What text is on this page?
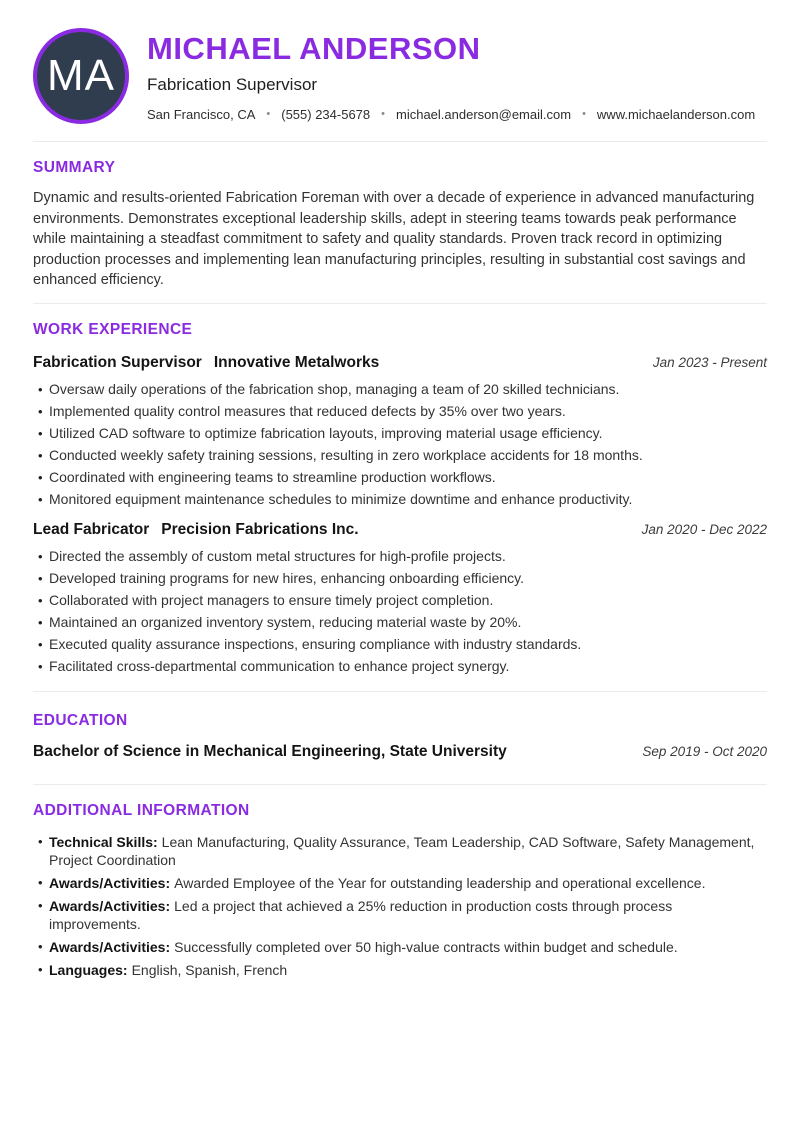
MA
MICHAEL ANDERSON
Fabrication Supervisor
San Francisco, CA • (555) 234-5678 • michael.anderson@email.com • www.michaelanderson.com
SUMMARY
Dynamic and results-oriented Fabrication Foreman with over a decade of experience in advanced manufacturing environments. Demonstrates exceptional leadership skills, adept in steering teams towards peak performance while maintaining a steadfast commitment to safety and quality standards. Proven track record in optimizing production processes and implementing lean manufacturing principles, resulting in substantial cost savings and enhanced efficiency.
WORK EXPERIENCE
Fabrication Supervisor Innovative Metalworks	Jan 2023 - Present
• Oversaw daily operations of the fabrication shop, managing a team of 20 skilled technicians.
• Implemented quality control measures that reduced defects by 35% over two years.
• Utilized CAD software to optimize fabrication layouts, improving material usage efficiency.
• Conducted weekly safety training sessions, resulting in zero workplace accidents for 18 months.
• Coordinated with engineering teams to streamline production workflows.
• Monitored equipment maintenance schedules to minimize downtime and enhance productivity.
Lead Fabricator Precision Fabrications Inc.	Jan 2020 - Dec 2022
• Directed the assembly of custom metal structures for high-profile projects.
• Developed training programs for new hires, enhancing onboarding efficiency.
• Collaborated with project managers to ensure timely project completion.
• Maintained an organized inventory system, reducing material waste by 20%.
• Executed quality assurance inspections, ensuring compliance with industry standards.
• Facilitated cross-departmental communication to enhance project synergy.
EDUCATION
Bachelor of Science in Mechanical Engineering, State University	Sep 2019 - Oct 2020
ADDITIONAL INFORMATION
• Technical Skills: Lean Manufacturing, Quality Assurance, Team Leadership, CAD Software, Safety Management, Project Coordination
• Awards/Activities: Awarded Employee of the Year for outstanding leadership and operational excellence.
• Awards/Activities: Led a project that achieved a 25% reduction in production costs through process improvements.
• Awards/Activities: Successfully completed over 50 high-value contracts within budget and schedule.
• Languages: English, Spanish, French
